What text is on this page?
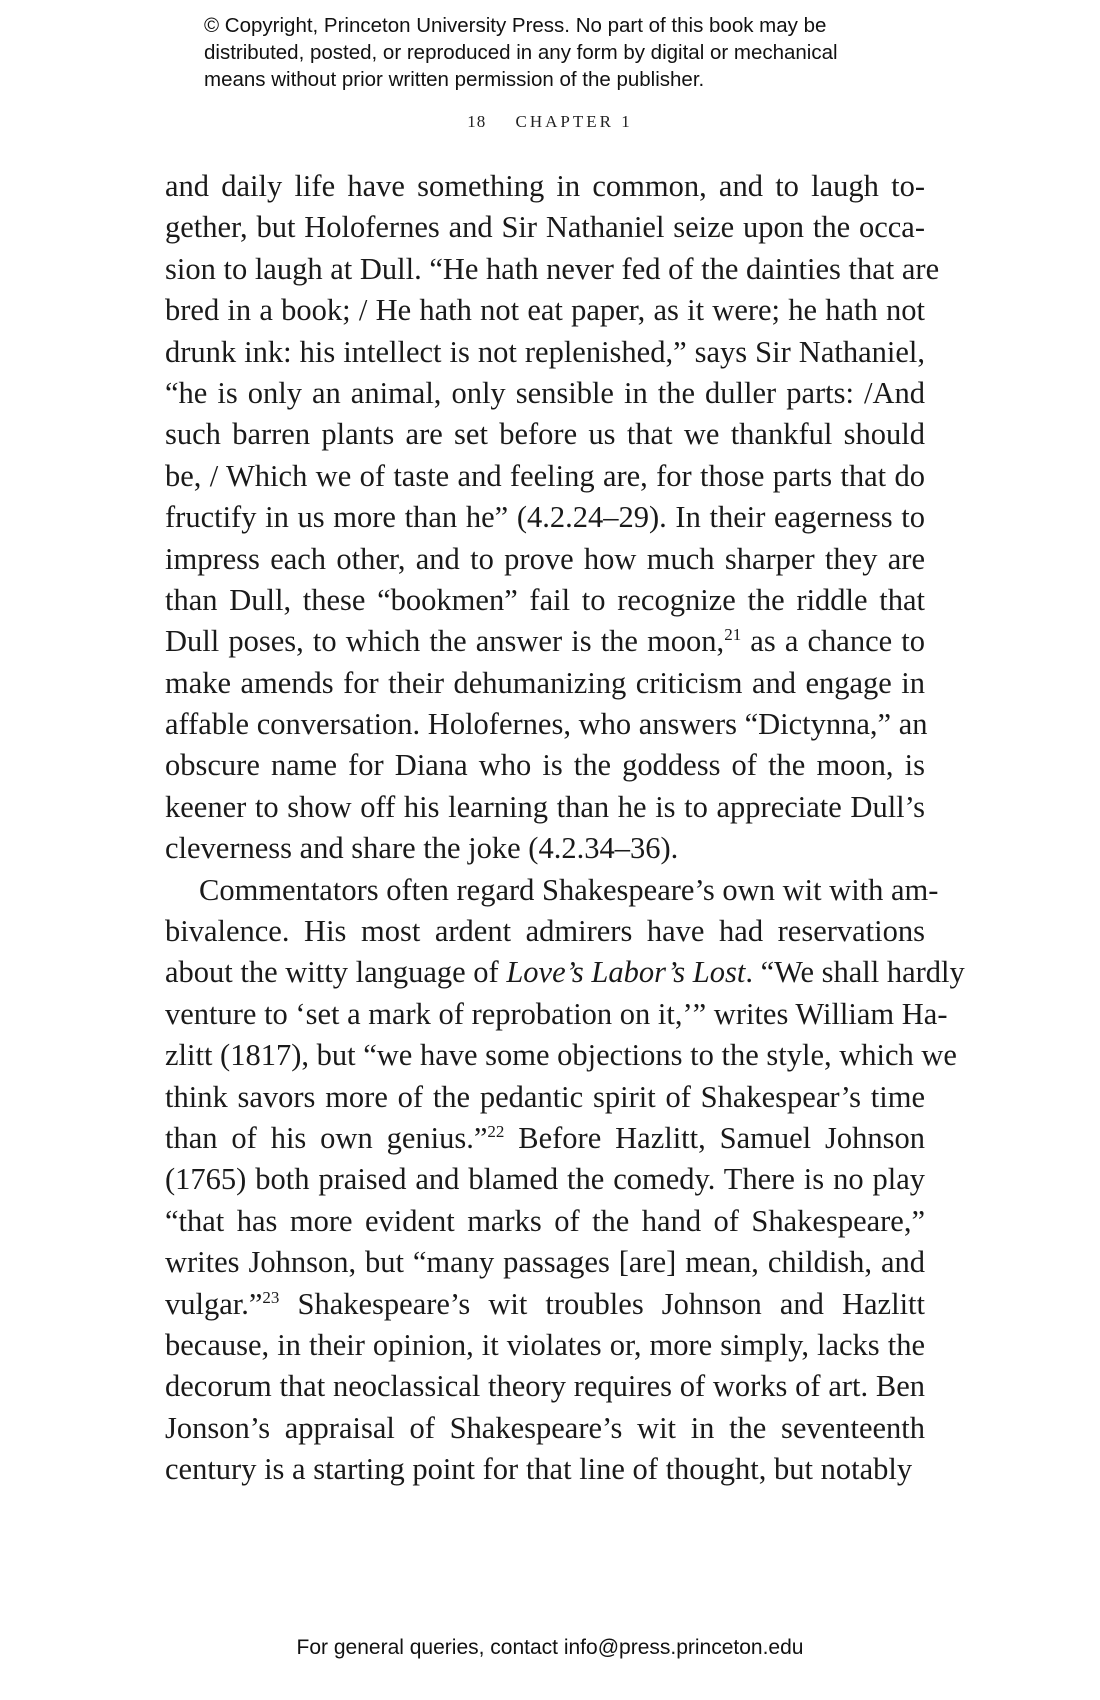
© Copyright, Princeton University Press. No part of this book may be
distributed, posted, or reproduced in any form by digital or mechanical
means without prior written permission of the publisher.
18 CHAPTER 1
and daily life have something in common, and to laugh to-
gether, but Holofernes and Sir Nathaniel seize upon the occa-
sion to laugh at Dull. “He hath never fed of the dainties that are
bred in a book; / He hath not eat paper, as it were; he hath not
drunk ink: his intellect is not replenished,” says Sir Nathaniel,
“he is only an animal, only sensible in the duller parts: /And
such barren plants are set before us that we thankful should
be, / Which we of taste and feeling are, for those parts that do
fructify in us more than he” (4.2.24–29). In their eagerness to
impress each other, and to prove how much sharper they are
than Dull, these “bookmen” fail to recognize the riddle that
Dull poses, to which the answer is the moon,$^{21}$ as a chance to
make amends for their dehumanizing criticism and engage in
affable conversation. Holofernes, who answers “Dictynna,” an
obscure name for Diana who is the goddess of the moon, is
keener to show off his learning than he is to appreciate Dull’s
cleverness and share the joke (4.2.34–36).
Commentators often regard Shakespeare’s own wit with am-
bivalence. His most ardent admirers have had reservations
about the witty language of Love’s Labor’s Lost. “We shall hardly
venture to ‘set a mark of reprobation on it,’” writes William Ha-
zlitt (1817), but “we have some objections to the style, which we
think savors more of the pedantic spirit of Shakespear’s time
than of his own genius.”$^{22}$ Before Hazlitt, Samuel Johnson
(1765) both praised and blamed the comedy. There is no play
“that has more evident marks of the hand of Shakespeare,”
writes Johnson, but “many passages [are] mean, childish, and
vulgar.”$^{23}$ Shakespeare’s wit troubles Johnson and Hazlitt
because, in their opinion, it violates or, more simply, lacks the
decorum that neoclassical theory requires of works of art. Ben
Jonson’s appraisal of Shakespeare’s wit in the seventeenth
century is a starting point for that line of thought, but notably
For general queries, contact info@press.princeton.edu
